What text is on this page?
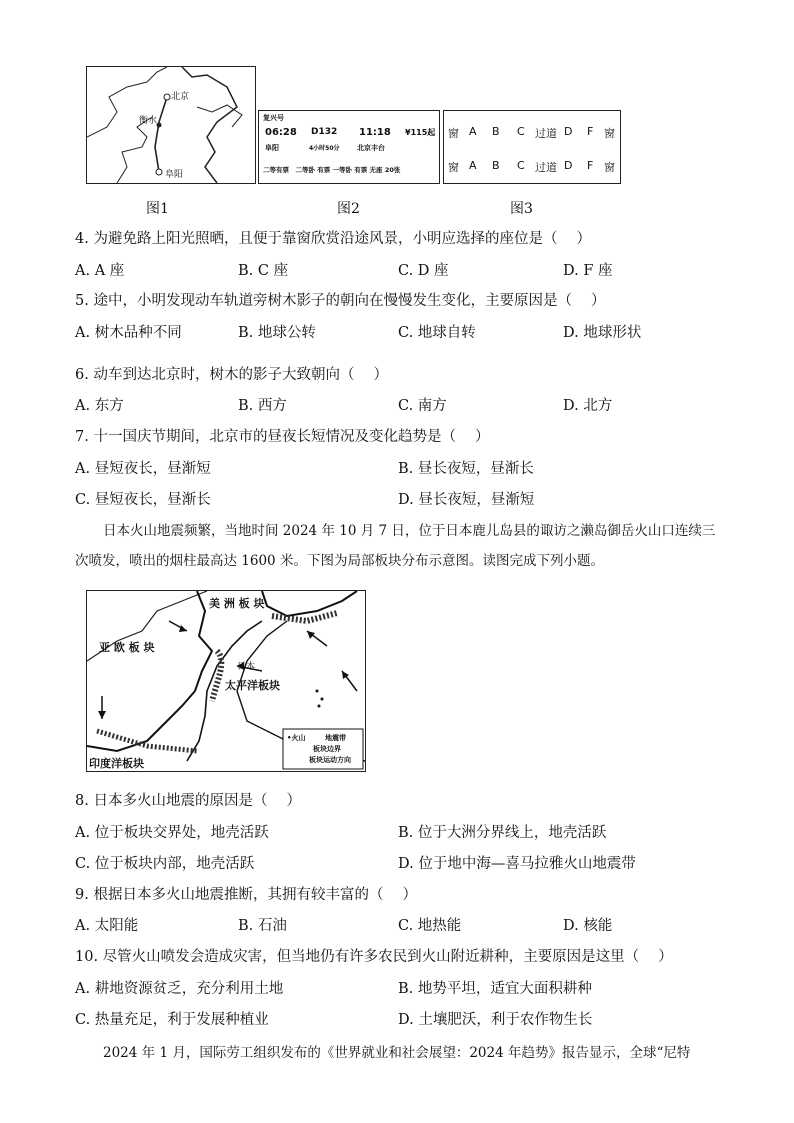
北京
衡水
阜阳
复兴号
06:28 D132 11:18 ¥115起
阜阳	4小时50分 北京丰台
二等有票　二等卧 有票 一等卧 有票 无座 20张
窗 A B C 过道 D F 窗
窗 A B C 过道 D F 窗
图1	图2	图3
4. 为避免路上阳光照晒，且便于靠窗欣赏沿途风景，小明应选择的座位是（　 ）
A. A 座	B. C 座	C. D 座	D. F 座
5. 途中，小明发现动车轨道旁树木影子的朝向在慢慢发生变化，主要原因是（　 ）
A. 树木品种不同	B. 地球公转	C. 地球自转	D. 地球形状
6. 动车到达北京时，树木的影子大致朝向（　 ）
A. 东方	B. 西方	C. 南方	D. 北方
7. 十一国庆节期间，北京市的昼夜长短情况及变化趋势是（　 ）
A. 昼短夜长，昼渐短	B. 昼长夜短，昼渐长
C. 昼短夜长，昼渐长	D. 昼长夜短，昼渐短
日本火山地震频繁，当地时间 2024 年 10 月 7 日，位于日本鹿儿岛县的诹访之濑岛御岳火山口连续三次喷发，喷出的烟柱最高达 1600 米。下图为局部板块分布示意图。读图完成下列小题。
美 洲 板 块
亚 欧 板 块
日本
太平洋板块
印度洋板块
•火山	地震带
板块边界
板块运动方向
8. 日本多火山地震的原因是（　 ）
A. 位于板块交界处，地壳活跃	B. 位于大洲分界线上，地壳活跃
C. 位于板块内部，地壳活跃	D. 位于地中海—喜马拉雅火山地震带
9. 根据日本多火山地震推断，其拥有较丰富的（　 ）
A. 太阳能	B. 石油	C. 地热能	D. 核能
10. 尽管火山喷发会造成灾害，但当地仍有许多农民到火山附近耕种，主要原因是这里（　 ）
A. 耕地资源贫乏，充分利用土地	B. 地势平坦，适宜大面积耕种
C. 热量充足，利于发展种植业	D. 土壤肥沃，利于农作物生长
2024 年 1 月，国际劳工组织发布的《世界就业和社会展望：2024 年趋势》报告显示，全球“尼特
